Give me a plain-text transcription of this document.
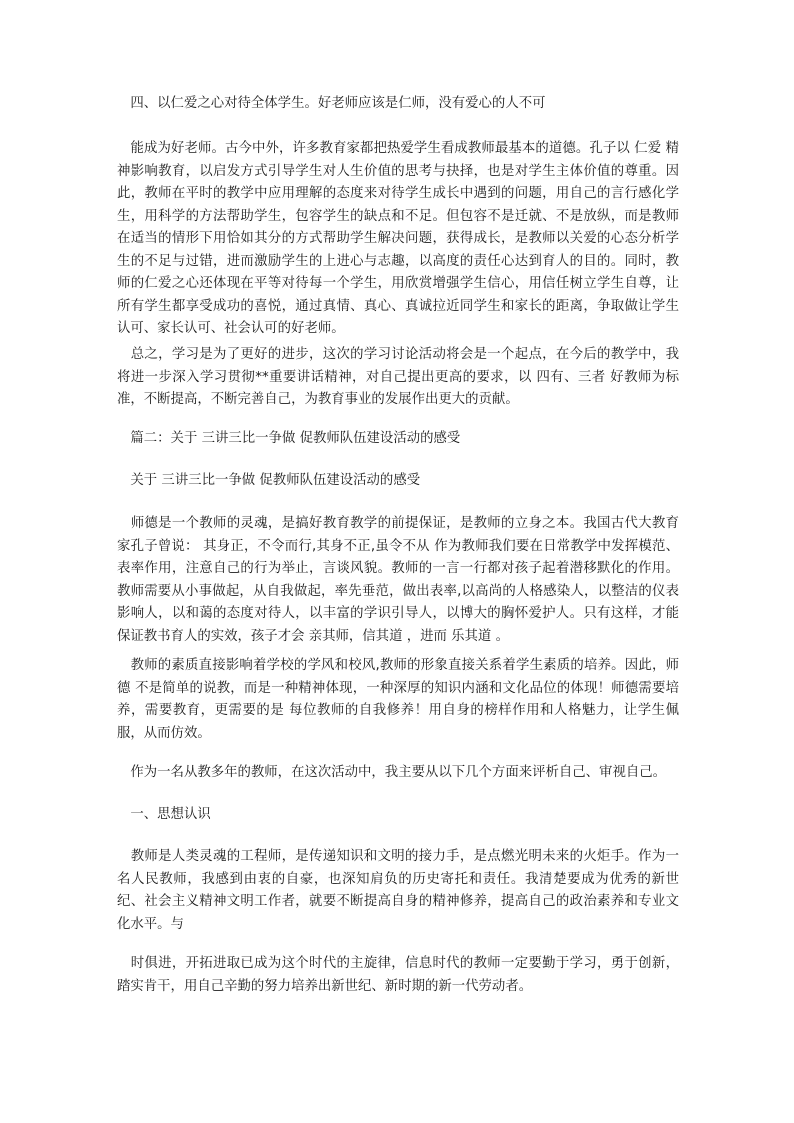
　四、以仁爱之心对待全体学生。好老师应该是仁师，没有爱心的人不可

　能成为好老师。古今中外，许多教育家都把热爱学生看成教师最基本的道德。孔子以 仁爱 精神影响教育，以启发方式引导学生对人生价值的思考与抉择，也是对学生主体价值的尊重。因此，教师在平时的教学中应用理解的态度来对待学生成长中遇到的问题，用自己的言行感化学生，用科学的方法帮助学生，包容学生的缺点和不足。但包容不是迁就、不是放纵，而是教师在适当的情形下用恰如其分的方式帮助学生解决问题，获得成长，是教师以关爱的心态分析学生的不足与过错，进而激励学生的上进心与志趣，以高度的责任心达到育人的目的。同时，教师的仁爱之心还体现在平等对待每一个学生，用欣赏增强学生信心，用信任树立学生自尊，让所有学生都享受成功的喜悦，通过真情、真心、真诚拉近同学生和家长的距离，争取做让学生认可、家长认可、社会认可的好老师。

　总之，学习是为了更好的进步，这次的学习讨论活动将会是一个起点，在今后的教学中，我将进一步深入学习贯彻**重要讲话精神，对自己提出更高的要求，以 四有、三者 好教师为标准，不断提高，不断完善自己，为教育事业的发展作出更大的贡献。

　篇二：关于 三讲三比一争做 促教师队伍建设活动的感受

　关于 三讲三比一争做 促教师队伍建设活动的感受

　师德是一个教师的灵魂，是搞好教育教学的前提保证，是教师的立身之本。我国古代大教育家孔子曾说： 其身正，不令而行,其身不正,虽令不从 作为教师我们要在日常教学中发挥模范、表率作用，注意自己的行为举止，言谈风貌。教师的一言一行都对孩子起着潜移默化的作用。教师需要从小事做起，从自我做起，率先垂范，做出表率,以高尚的人格感染人，以整洁的仪表影响人，以和蔼的态度对待人，以丰富的学识引导人，以博大的胸怀爱护人。只有这样，才能保证教书育人的实效，孩子才会 亲其师，信其道 ，进而 乐其道 。

　教师的素质直接影响着学校的学风和校风,教师的形象直接关系着学生素质的培养。因此，师德 不是简单的说教，而是一种精神体现，一种深厚的知识内涵和文化品位的体现！师德需要培养，需要教育，更需要的是 每位教师的自我修养！用自身的榜样作用和人格魅力，让学生佩服，从而仿效。

　作为一名从教多年的教师，在这次活动中，我主要从以下几个方面来评析自己、审视自己。

　一、思想认识

　教师是人类灵魂的工程师，是传递知识和文明的接力手，是点燃光明未来的火炬手。作为一名人民教师，我感到由衷的自豪，也深知肩负的历史寄托和责任。我清楚要成为优秀的新世纪、社会主义精神文明工作者，就要不断提高自身的精神修养，提高自己的政治素养和专业文化水平。与

　时俱进，开拓进取已成为这个时代的主旋律，信息时代的教师一定要勤于学习，勇于创新，踏实肯干，用自己辛勤的努力培养出新世纪、新时期的新一代劳动者。
